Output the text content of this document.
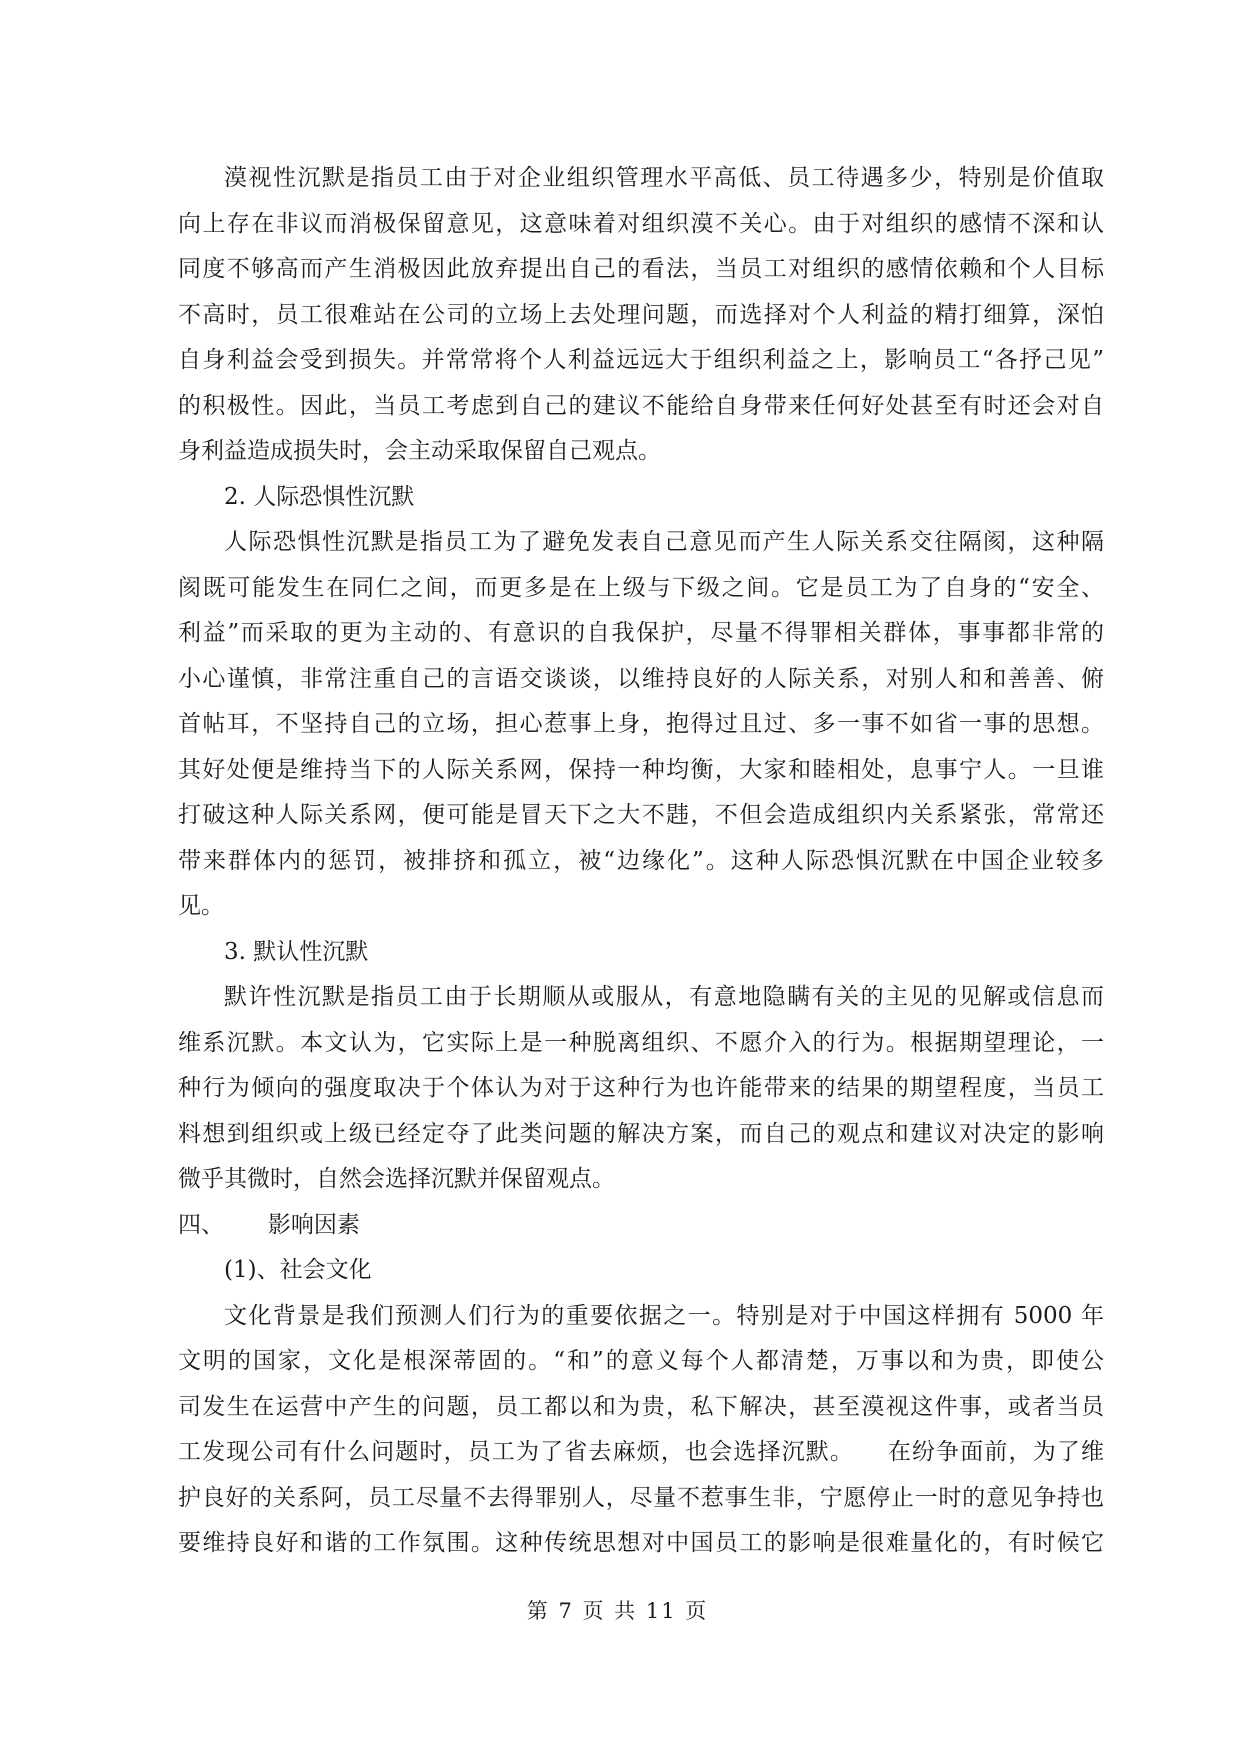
漠视性沉默是指员工由于对企业组织管理水平高低、员工待遇多少，特别是价值取
向上存在非议而消极保留意见，这意味着对组织漠不关心。由于对组织的感情不深和认
同度不够高而产生消极因此放弃提出自己的看法，当员工对组织的感情依赖和个人目标
不高时，员工很难站在公司的立场上去处理问题，而选择对个人利益的精打细算，深怕
自身利益会受到损失。并常常将个人利益远远大于组织利益之上，影响员工“各抒己见”
的积极性。因此，当员工考虑到自己的建议不能给自身带来任何好处甚至有时还会对自
身利益造成损失时，会主动采取保留自己观点。
2. 人际恐惧性沉默
人际恐惧性沉默是指员工为了避免发表自己意见而产生人际关系交往隔阂，这种隔
阂既可能发生在同仁之间，而更多是在上级与下级之间。它是员工为了自身的“安全、
利益”而采取的更为主动的、有意识的自我保护，尽量不得罪相关群体，事事都非常的
小心谨慎，非常注重自己的言语交谈谈，以维持良好的人际关系，对别人和和善善、俯
首帖耳，不坚持自己的立场，担心惹事上身，抱得过且过、多一事不如省一事的思想。
其好处便是维持当下的人际关系网，保持一种均衡，大家和睦相处，息事宁人。一旦谁
打破这种人际关系网，便可能是冒天下之大不韪，不但会造成组织内关系紧张，常常还
带来群体内的惩罚，被排挤和孤立，被“边缘化”。这种人际恐惧沉默在中国企业较多
见。
3. 默认性沉默
默许性沉默是指员工由于长期顺从或服从，有意地隐瞒有关的主见的见解或信息而
维系沉默。本文认为，它实际上是一种脱离组织、不愿介入的行为。根据期望理论，一
种行为倾向的强度取决于个体认为对于这种行为也许能带来的结果的期望程度，当员工
料想到组织或上级已经定夺了此类问题的解决方案，而自己的观点和建议对决定的影响
微乎其微时，自然会选择沉默并保留观点。
四、      影响因素
(1)、社会文化
文化背景是我们预测人们行为的重要依据之一。特别是对于中国这样拥有 5000 年
文明的国家，文化是根深蒂固的。“和”的意义每个人都清楚，万事以和为贵，即使公
司发生在运营中产生的问题，员工都以和为贵，私下解决，甚至漠视这件事，或者当员
工发现公司有什么问题时，员工为了省去麻烦，也会选择沉默。    在纷争面前，为了维
护良好的关系阿，员工尽量不去得罪别人，尽量不惹事生非，宁愿停止一时的意见争持也
要维持良好和谐的工作氛围。这种传统思想对中国员工的影响是很难量化的，有时候它
第 7 页 共 11 页
